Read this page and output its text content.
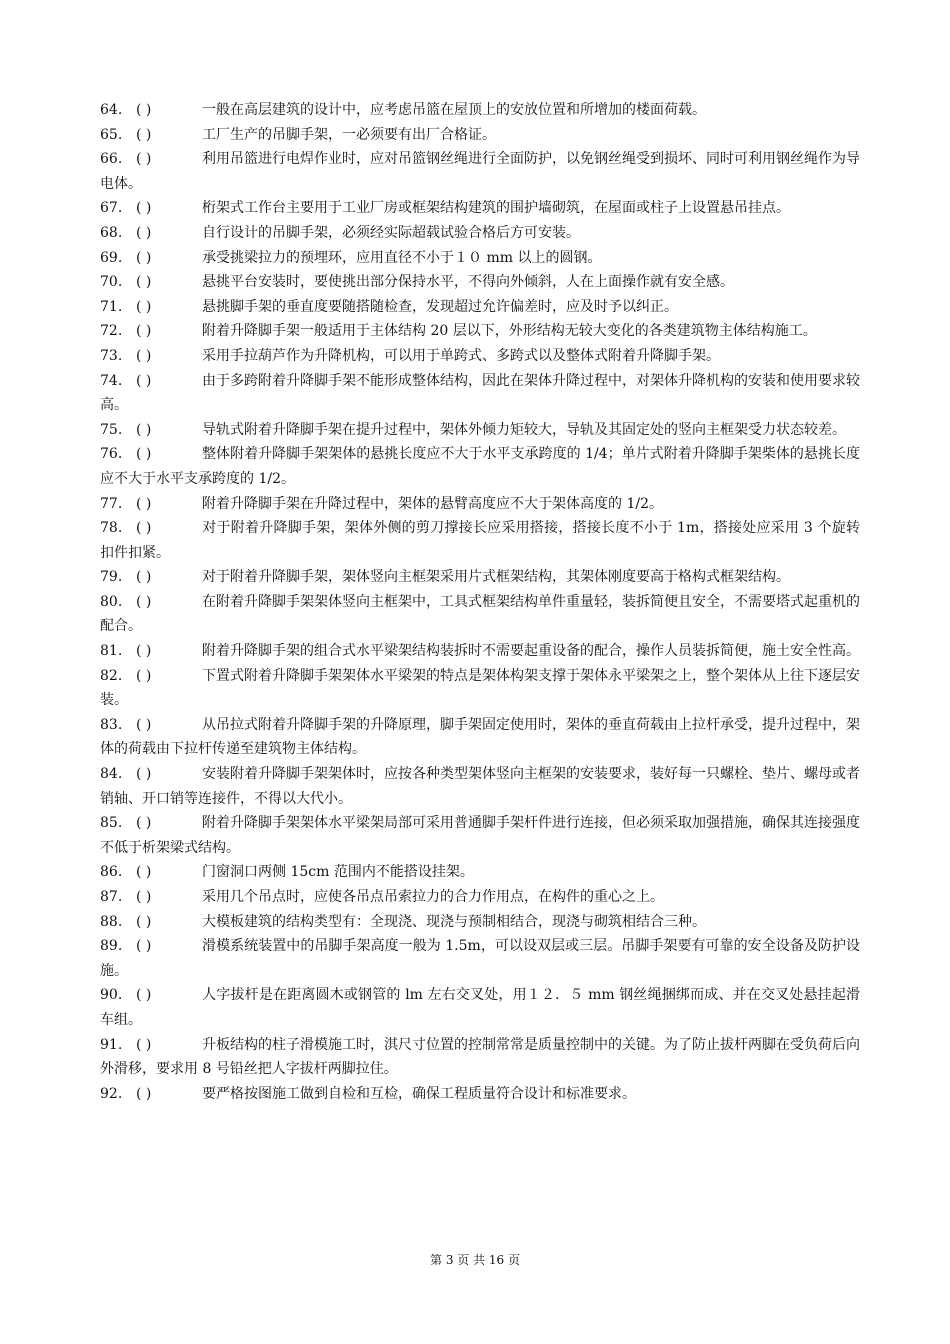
64. ( )	一般在高层建筑的设计中，应考虑吊篮在屋顶上的安放位置和所增加的楼面荷载。
65. ( )	工厂生产的吊脚手架，一必须要有出厂合格证。
66. ( )	利用吊篮进行电焊作业时，应对吊篮钢丝绳进行全面防护，以免钢丝绳受到损坏、同时可利用钢丝绳作为导电体。
67. ( )	桁架式工作台主要用于工业厂房或框架结构建筑的围护墙砌筑，在屋面或柱子上设置悬吊挂点。
68. ( )	自行设计的吊脚手架，必须经实际超载试验合格后方可安装。
69. ( )	承受挑梁拉力的预埋环，应用直径不小于１０ mm 以上的圆钢。
70. ( )	悬挑平台安装时，要使挑出部分保持水平，不得向外倾斜，人在上面操作就有安全感。
71. ( )	悬挑脚手架的垂直度要随搭随检查，发现超过允许偏差时，应及时予以纠正。
72. ( )	附着升降脚手架一般适用于主体结构 20 层以下，外形结构无较大变化的各类建筑物主体结构施工。
73. ( )	采用手拉葫芦作为升降机构，可以用于单跨式、多跨式以及整体式附着升降脚手架。
74. ( )	由于多跨附着升降脚手架不能形成整体结构，因此在架体升降过程中，对架体升降机构的安装和使用要求较高。
75. ( )	导轨式附着升降脚手架在提升过程中，架体外倾力矩较大，导轨及其固定处的竖向主框架受力状态较差。
76. ( )	整体附着升降脚手架架体的悬挑长度应不大于水平支承跨度的 1/4；单片式附着升降脚手架柴体的悬挑长度应不大于水平支承跨度的 1/2。
77. ( )	附着升降脚手架在升降过程中，架体的悬臂高度应不大于架体高度的 1/2。
78. ( )	对于附着升降脚手架，架体外侧的剪刀撑接长应采用搭接，搭接长度不小于 1m，搭接处应采用 3 个旋转扣件扣紧。
79. ( )	对于附着升降脚手架，架体竖向主框架采用片式框架结构，其架体刚度要高于格构式框架结构。
80. ( )	在附着升降脚手架架体竖向主框架中，工具式框架结构单件重量轻，装拆简便且安全，不需要塔式起重机的配合。
81. ( )	附着升降脚手架的组合式水平梁架结构装拆时不需要起重设备的配合，操作人员装拆简便，施土安全性高。
82. ( )	下置式附着升降脚手架架体水平梁架的特点是架体构架支撑于架体永平梁架之上，整个架体从上往下逐层安装。
83. ( )	从吊拉式附着升降脚手架的升降原理，脚手架固定使用时，架体的垂直荷载由上拉杆承受，提升过程中，架体的荷载由下拉杆传递至建筑物主体结构。
84. ( )	安装附着升降脚手架架体时，应按各种类型架体竖向主框架的安装要求，装好每一只螺栓、垫片、螺母或者销轴、开口销等连接件，不得以大代小。
85. ( )	附着升降脚手架架体水平梁架局部可采用普通脚手架杆件进行连接，但必须采取加强措施，确保其连接强度不低于析架梁式结构。
86. ( )	门窗洞口两侧 15cm 范围内不能搭设挂架。
87. ( )	采用几个吊点时，应使各吊点吊索拉力的合力作用点，在构件的重心之上。
88. ( )	大模板建筑的结构类型有：全现浇、现浇与预制相结合，现浇与砌筑相结合三种。
89. ( )	滑模系统装置中的吊脚手架高度一般为 1.5m，可以设双层或三层。吊脚手架要有可靠的安全设备及防护设施。
90. ( )	人字拔杆是在距离圆木或钢管的 lm 左右交叉处，用１２．５ mm 钢丝绳捆绑而成、并在交叉处悬挂起滑车组。
91. ( )	升板结构的柱子滑模施工时，淇尺寸位置的控制常常是质量控制中的关键。为了防止拔杆两脚在受负荷后向外滑移，要求用 8 号铅丝把人字拔杆两脚拉住。
92. ( )	要严格按图施工做到自检和互检，确保工程质量符合设计和标准要求。
第 3 页 共 16 页
